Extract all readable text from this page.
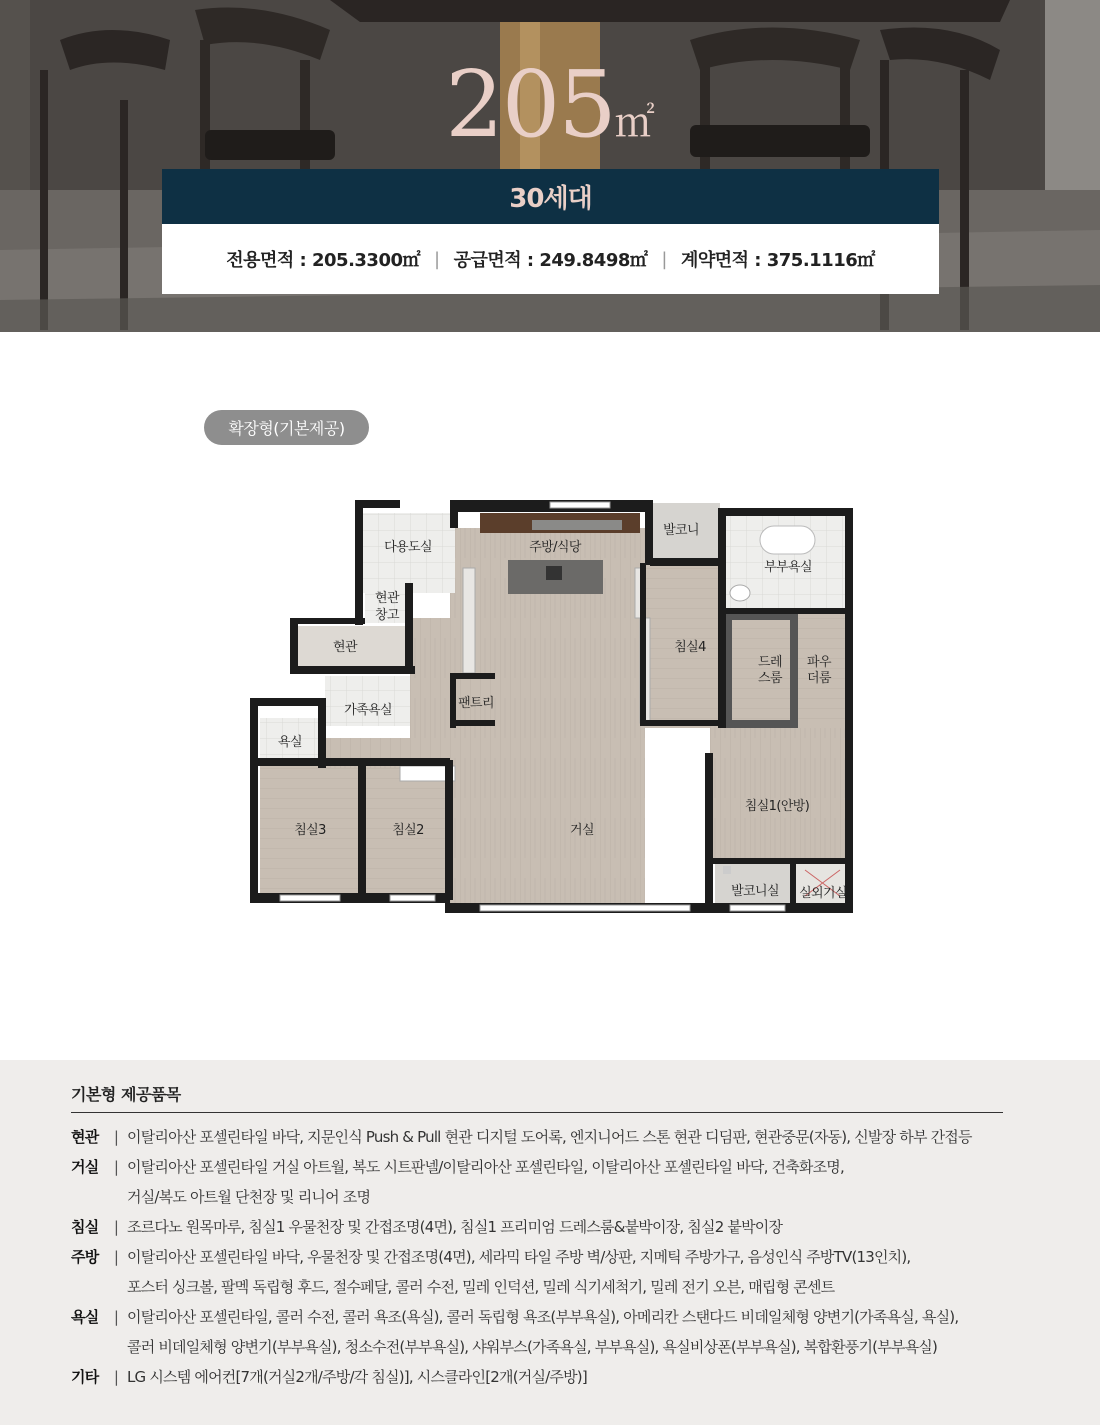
205㎡
30세대
전용면적 : 205.3300㎡ | 공급면적 : 249.8498㎡ | 계약면적 : 375.1116㎡
확장형(기본제공)
다용도실	주방/식당
발코니
부부욕실
현관
창고
현관	침실4
드레
스룸
파우
더룸
가족욕실	팬트리
욕실
침실1(안방)
침실3	침실2	거실
발코니실 실외기실
기본형 제공품목
현관 | 이탈리아산 포셀린타일 바닥, 지문인식 Push & Pull 현관 디지털 도어록, 엔지니어드 스톤 현관 디딤판, 현관중문(자동), 신발장 하부 간접등
거실 | 이탈리아산 포셀린타일 거실 아트월, 복도 시트판넬/이탈리아산 포셀린타일, 이탈리아산 포셀린타일 바닥, 건축화조명,
거실/복도 아트월 단천장 및 리니어 조명
침실 | 조르다노 원목마루, 침실1 우물천장 및 간접조명(4면), 침실1 프리미엄 드레스룸&붙박이장, 침실2 붙박이장
주방 | 이탈리아산 포셀린타일 바닥, 우물천장 및 간접조명(4면), 세라믹 타일 주방 벽/상판, 지메틱 주방가구, 음성인식 주방TV(13인치),
포스터 싱크볼, 팔멕 독립형 후드, 절수페달, 콜러 수전, 밀레 인덕션, 밀레 식기세척기, 밀레 전기 오븐, 매립형 콘센트
욕실 | 이탈리아산 포셀린타일, 콜러 수전, 콜러 욕조(욕실), 콜러 독립형 욕조(부부욕실), 아메리칸 스탠다드 비데일체형 양변기(가족욕실, 욕실),
콜러 비데일체형 양변기(부부욕실), 청소수전(부부욕실), 샤워부스(가족욕실, 부부욕실), 욕실비상폰(부부욕실), 복합환풍기(부부욕실)
기타 | LG 시스템 에어컨[7개(거실2개/주방/각 침실)], 시스클라인[2개(거실/주방)]
